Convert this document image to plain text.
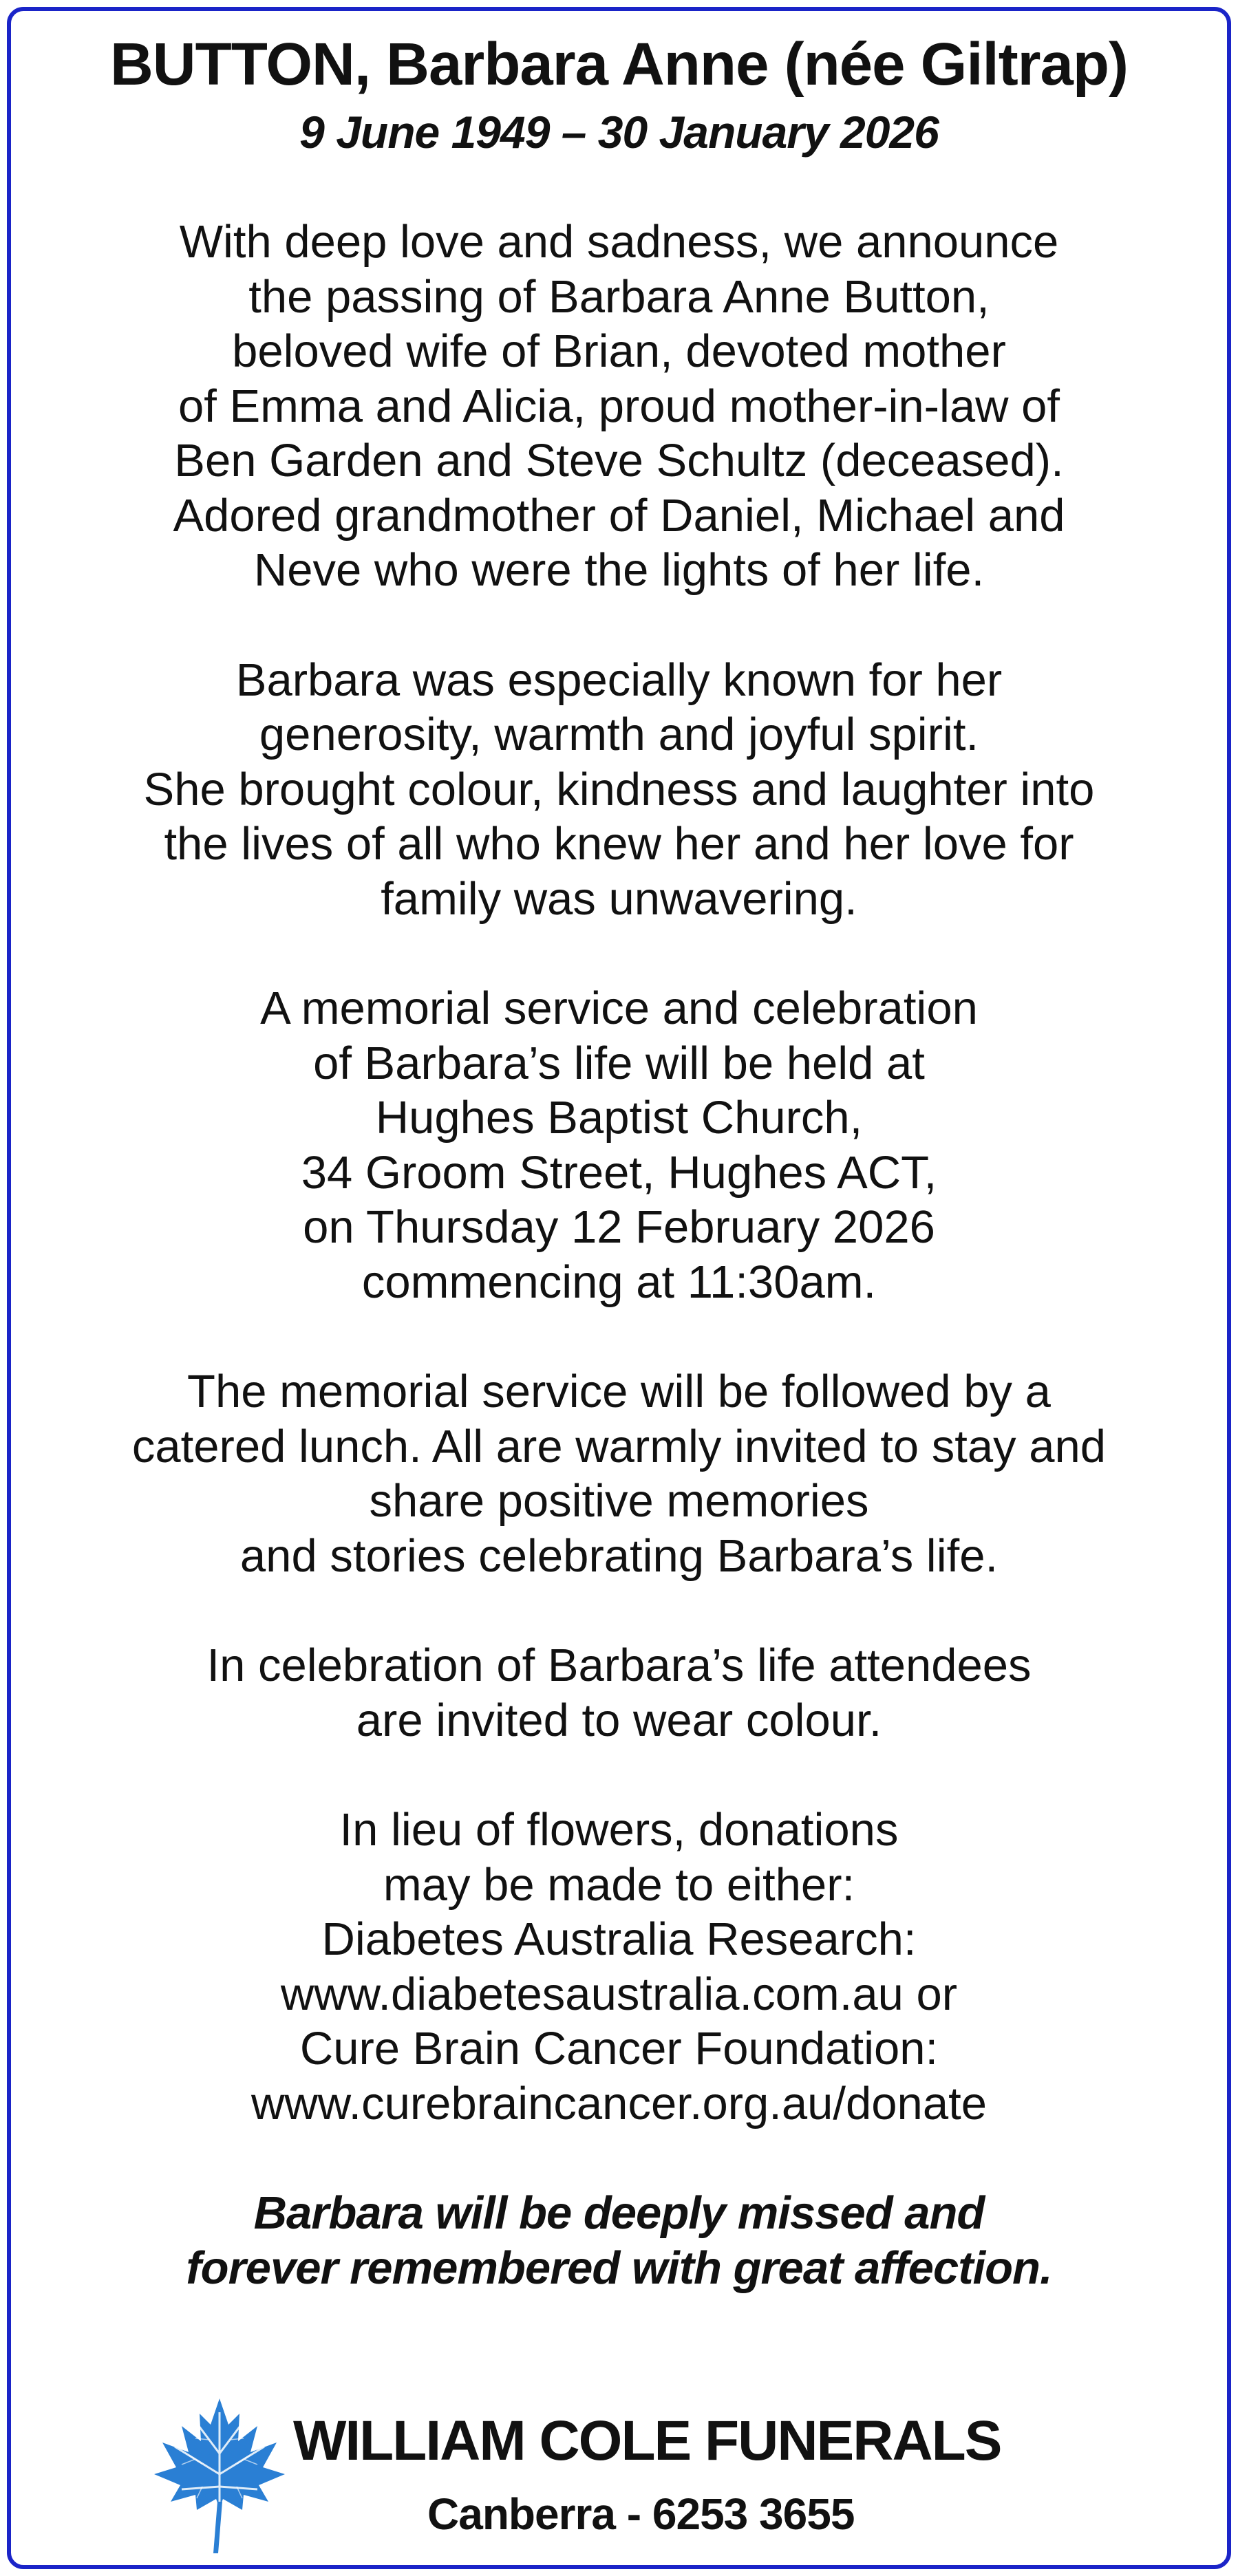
BUTTON, Barbara Anne (née Giltrap)
9 June 1949 – 30 January 2026

With deep love and sadness, we announce
the passing of Barbara Anne Button,
beloved wife of Brian, devoted mother
of Emma and Alicia, proud mother-in-law of
Ben Garden and Steve Schultz (deceased).
Adored grandmother of Daniel, Michael and
Neve who were the lights of her life.

Barbara was especially known for her
generosity, warmth and joyful spirit.
She brought colour, kindness and laughter into
the lives of all who knew her and her love for
family was unwavering.

A memorial service and celebration
of Barbara’s life will be held at
Hughes Baptist Church,
34 Groom Street, Hughes ACT,
on Thursday 12 February 2026
commencing at 11:30am.

The memorial service will be followed by a
catered lunch. All are warmly invited to stay and
share positive memories
and stories celebrating Barbara’s life.

In celebration of Barbara’s life attendees
are invited to wear colour.

In lieu of flowers, donations
may be made to either:
Diabetes Australia Research:
www.diabetesaustralia.com.au or
Cure Brain Cancer Foundation:
www.curebraincancer.org.au/donate

Barbara will be deeply missed and
forever remembered with great affection.

WILLIAM COLE FUNERALS
Canberra - 6253 3655
